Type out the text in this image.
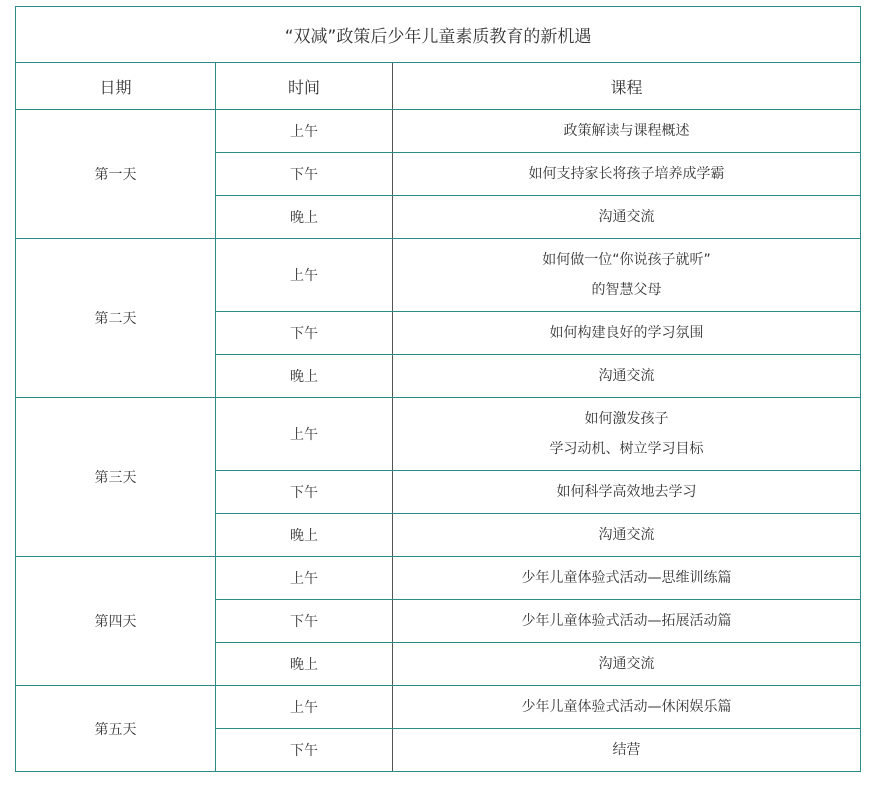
“双减”政策后少年儿童素质教育的新机遇		
日期	时间	课程
第一天	上午	政策解读与课程概述

	下午	如何支持家长将孩子培养成学霸

	晚上	沟通交流

第二天	上午	如何做一位“你说孩子就听”
的智慧父母

	下午	如何构建良好的学习氛围

	晚上	沟通交流

第三天	上午	如何激发孩子
学习动机、树立学习目标

	下午	如何科学高效地去学习

	晚上	沟通交流

第四天	上午	少年儿童体验式活动—思维训练篇

	下午	少年儿童体验式活动—拓展活动篇

	晚上	沟通交流

第五天	上午	少年儿童体验式活动—休闲娱乐篇

	下午	结营
